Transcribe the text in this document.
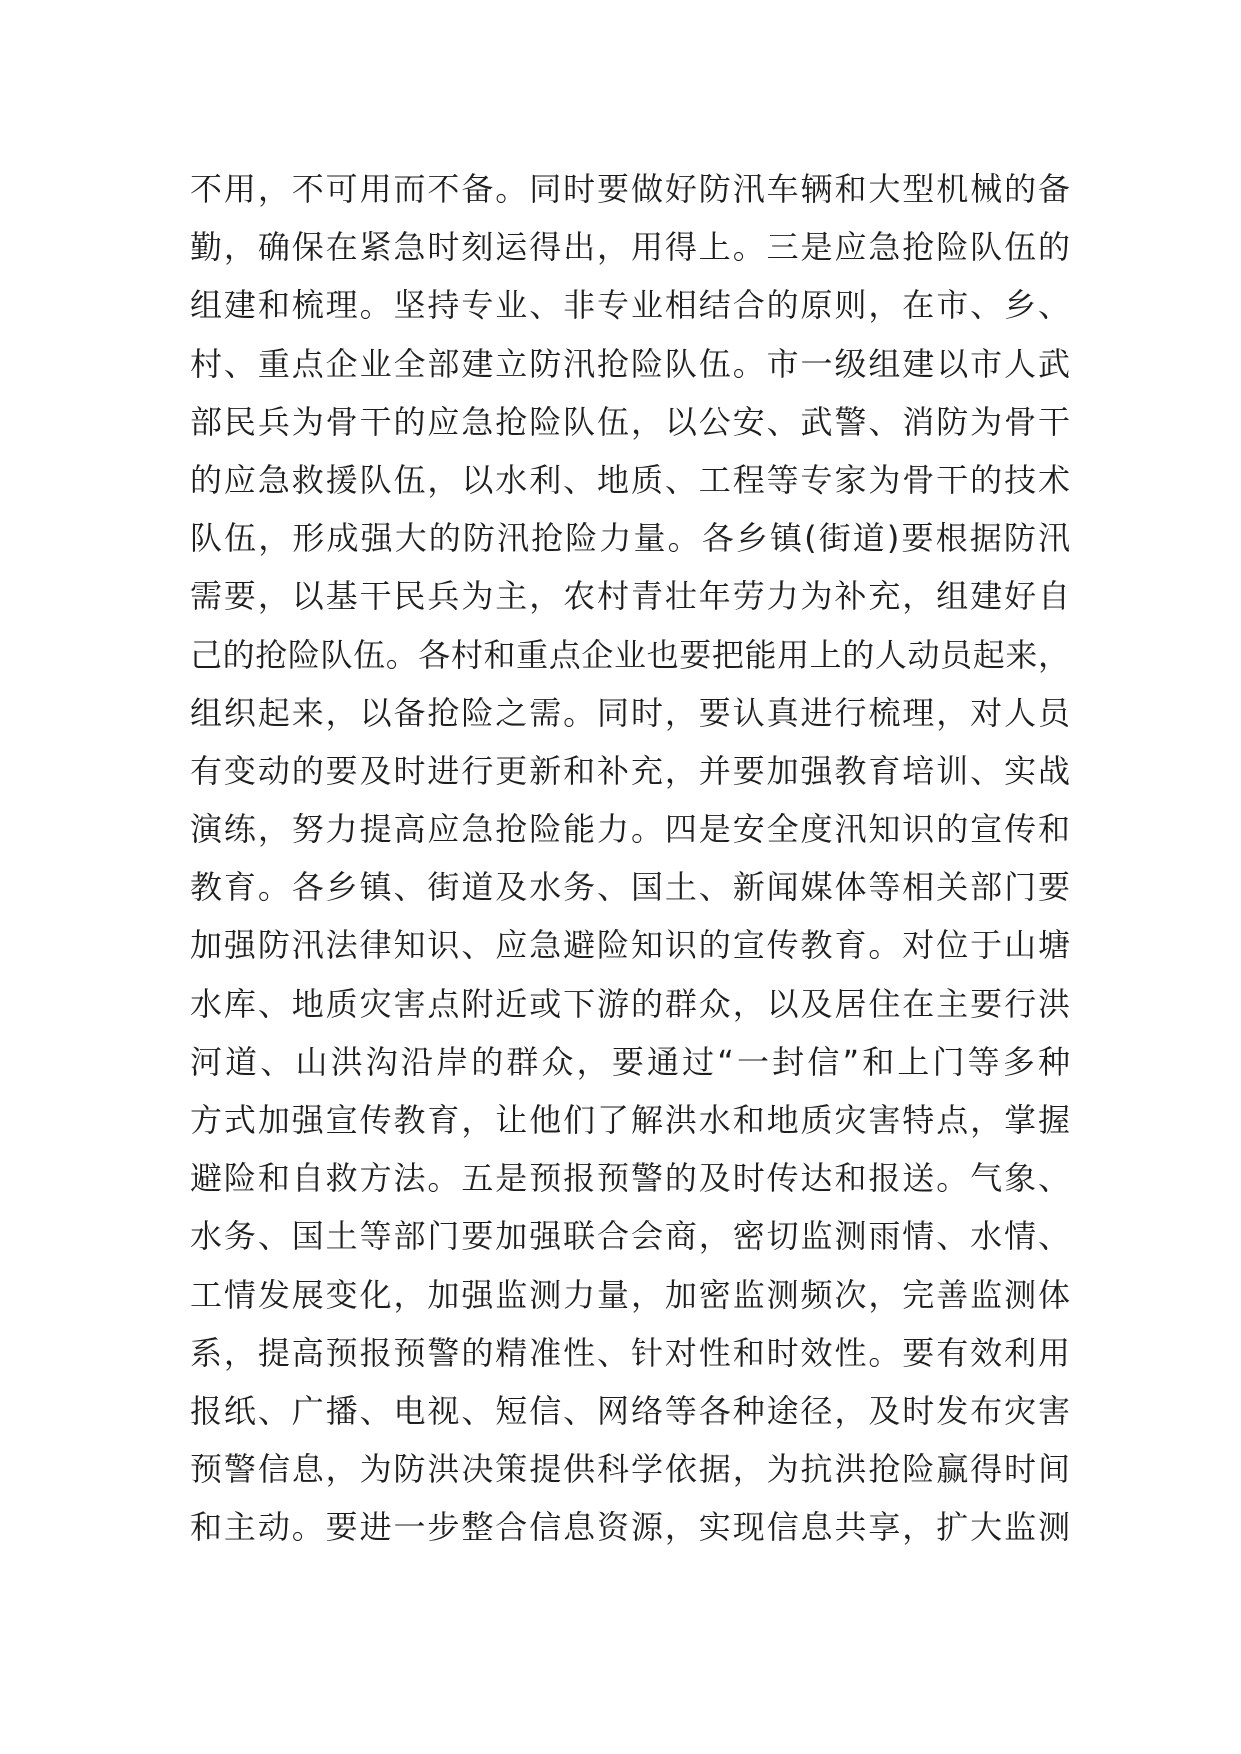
不用，不可用而不备。同时要做好防汛车辆和大型机械的备
勤，确保在紧急时刻运得出，用得上。三是应急抢险队伍的
组建和梳理。坚持专业、非专业相结合的原则，在市、乡、
村、重点企业全部建立防汛抢险队伍。市一级组建以市人武
部民兵为骨干的应急抢险队伍，以公安、武警、消防为骨干
的应急救援队伍，以水利、地质、工程等专家为骨干的技术
队伍，形成强大的防汛抢险力量。各乡镇(街道)要根据防汛
需要，以基干民兵为主，农村青壮年劳力为补充，组建好自
己的抢险队伍。各村和重点企业也要把能用上的人动员起来，
组织起来，以备抢险之需。同时，要认真进行梳理，对人员
有变动的要及时进行更新和补充，并要加强教育培训、实战
演练，努力提高应急抢险能力。四是安全度汛知识的宣传和
教育。各乡镇、街道及水务、国土、新闻媒体等相关部门要
加强防汛法律知识、应急避险知识的宣传教育。对位于山塘
水库、地质灾害点附近或下游的群众，以及居住在主要行洪
河道、山洪沟沿岸的群众，要通过“一封信”和上门等多种
方式加强宣传教育，让他们了解洪水和地质灾害特点，掌握
避险和自救方法。五是预报预警的及时传达和报送。气象、
水务、国土等部门要加强联合会商，密切监测雨情、水情、
工情发展变化，加强监测力量，加密监测频次，完善监测体
系，提高预报预警的精准性、针对性和时效性。要有效利用
报纸、广播、电视、短信、网络等各种途径，及时发布灾害
预警信息，为防洪决策提供科学依据，为抗洪抢险赢得时间
和主动。要进一步整合信息资源，实现信息共享，扩大监测
